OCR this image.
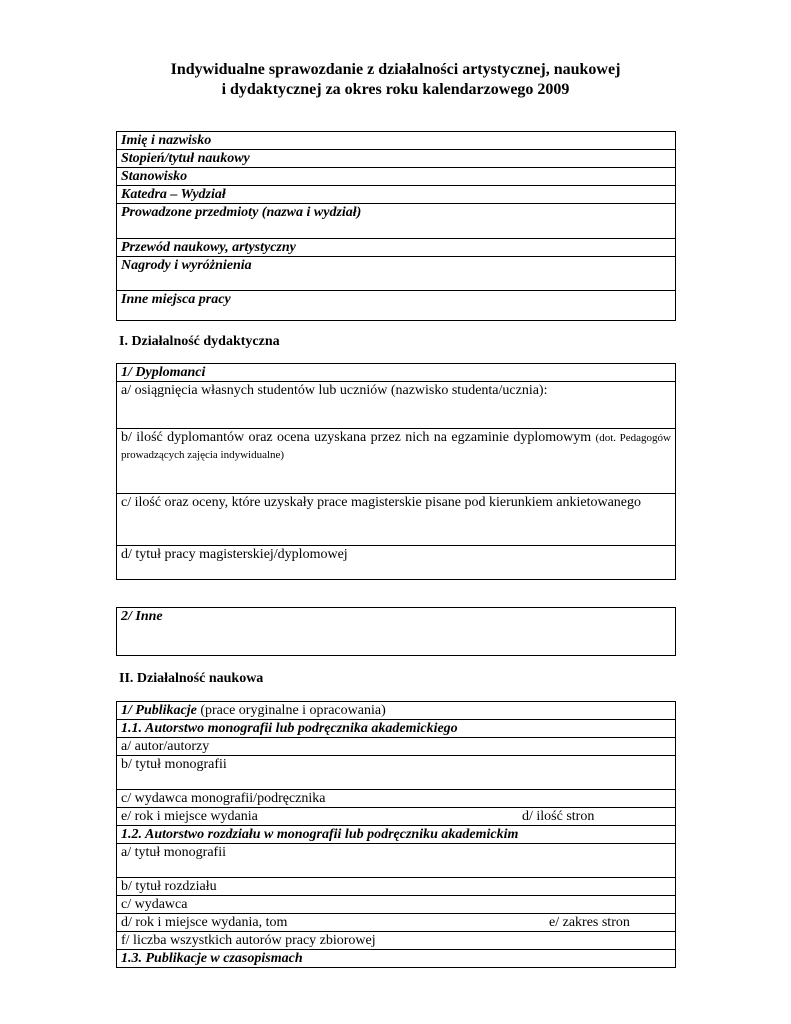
Indywidualne sprawozdanie z działalności artystycznej, naukowej
i dydaktycznej za okres roku kalendarzowego 2009
Imię i nazwisko
Stopień/tytuł naukowy
Stanowisko
Katedra – Wydział
Prowadzone przedmioty (nazwa i wydział)
Przewód naukowy, artystyczny
Nagrody i wyróżnienia
Inne miejsca pracy
I. Działalność dydaktyczna
1/ Dyplomanci
a/ osiągnięcia własnych studentów lub uczniów (nazwisko studenta/ucznia):
b/ ilość dyplomantów oraz ocena uzyskana przez nich na egzaminie dyplomowym (dot. Pedagogów prowadzących zajęcia indywidualne)
c/ ilość oraz oceny, które uzyskały prace magisterskie pisane pod kierunkiem ankietowanego
d/ tytuł pracy magisterskiej/dyplomowej
2/ Inne
II. Działalność naukowa
1/ Publikacje (prace oryginalne i opracowania)
1.1. Autorstwo monografii lub podręcznika akademickiego
a/ autor/autorzy
b/ tytuł monografii
c/ wydawca monografii/podręcznika
e/ rok i miejsce wydania	d/ ilość stron

1.2. Autorstwo rozdziału w monografii lub podręczniku akademickim
a/ tytuł monografii
b/ tytuł rozdziału
c/ wydawca
d/ rok i miejsce wydania, tom	e/ zakres stron

f/ liczba wszystkich autorów pracy zbiorowej
1.3. Publikacje w czasopismach
